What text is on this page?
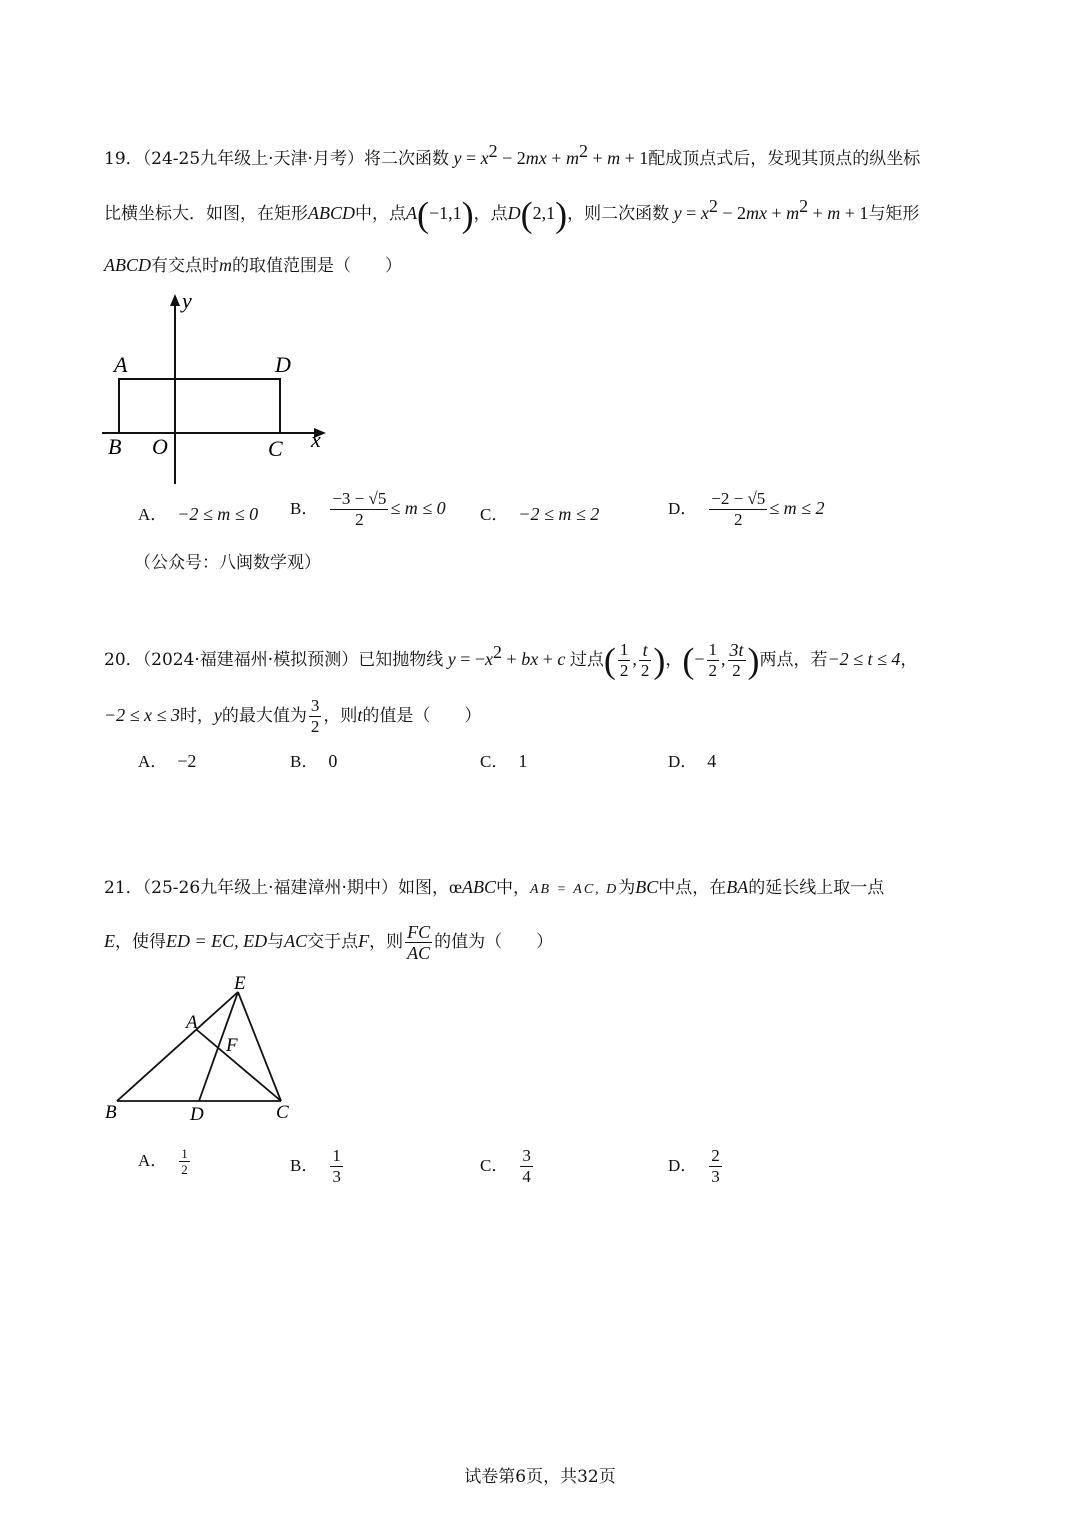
19．（24-25九年级上·天津·月考）将二次函数 $y = x^2 - 2mx + m^2 + m + 1$配成顶点式后，发现其顶点的纵坐标
比横坐标大．如图，在矩形ABCD中，点A(−1,1)，点D(2,1)，则二次函数 $y = x^2 - 2mx + m^2 + m + 1$与矩形
ABCD有交点时m的取值范围是（　　）
y
A	D
B O	C x
A． −2 ≤ m ≤ 0 B． $\frac{-3 - √5}{2} \le m \le 0$ C． −2 ≤ m ≤ 2	D． $\frac{-2 - √5}{2} \le m \le 2$
（公众号：八闽数学观）
20．（2024·福建福州·模拟预测）已知抛物线 $y = -x^2$ + bx + c 过点( $\frac{1}{2}$ , $\frac{t}{2}$ )，(− $\frac{1}{2}$ , $\frac{3t}{2}$ )两点，若−2 ≤ t ≤ 4，
−2 ≤ x ≤ 3时，y的最大值为 $\frac{3}{2}$ ，则t的值是（　　）
A． −2	B． 0	C． 1	D． 4
21．（25-26九年级上·福建漳州·期中）如图，œABC中，AB = AC, D为BC中点，在BA的延长线上取一点
E，使得ED = EC, ED与AC交于点F，则 $\frac{FC}{AC}$ 的值为（　　）
E
A
F
B	D	C
A． $\frac{1}{2}$	B． $\frac{1}{3}$	C． $\frac{3}{4}$	D． $\frac{2}{3}$
试卷第6页，共32页
